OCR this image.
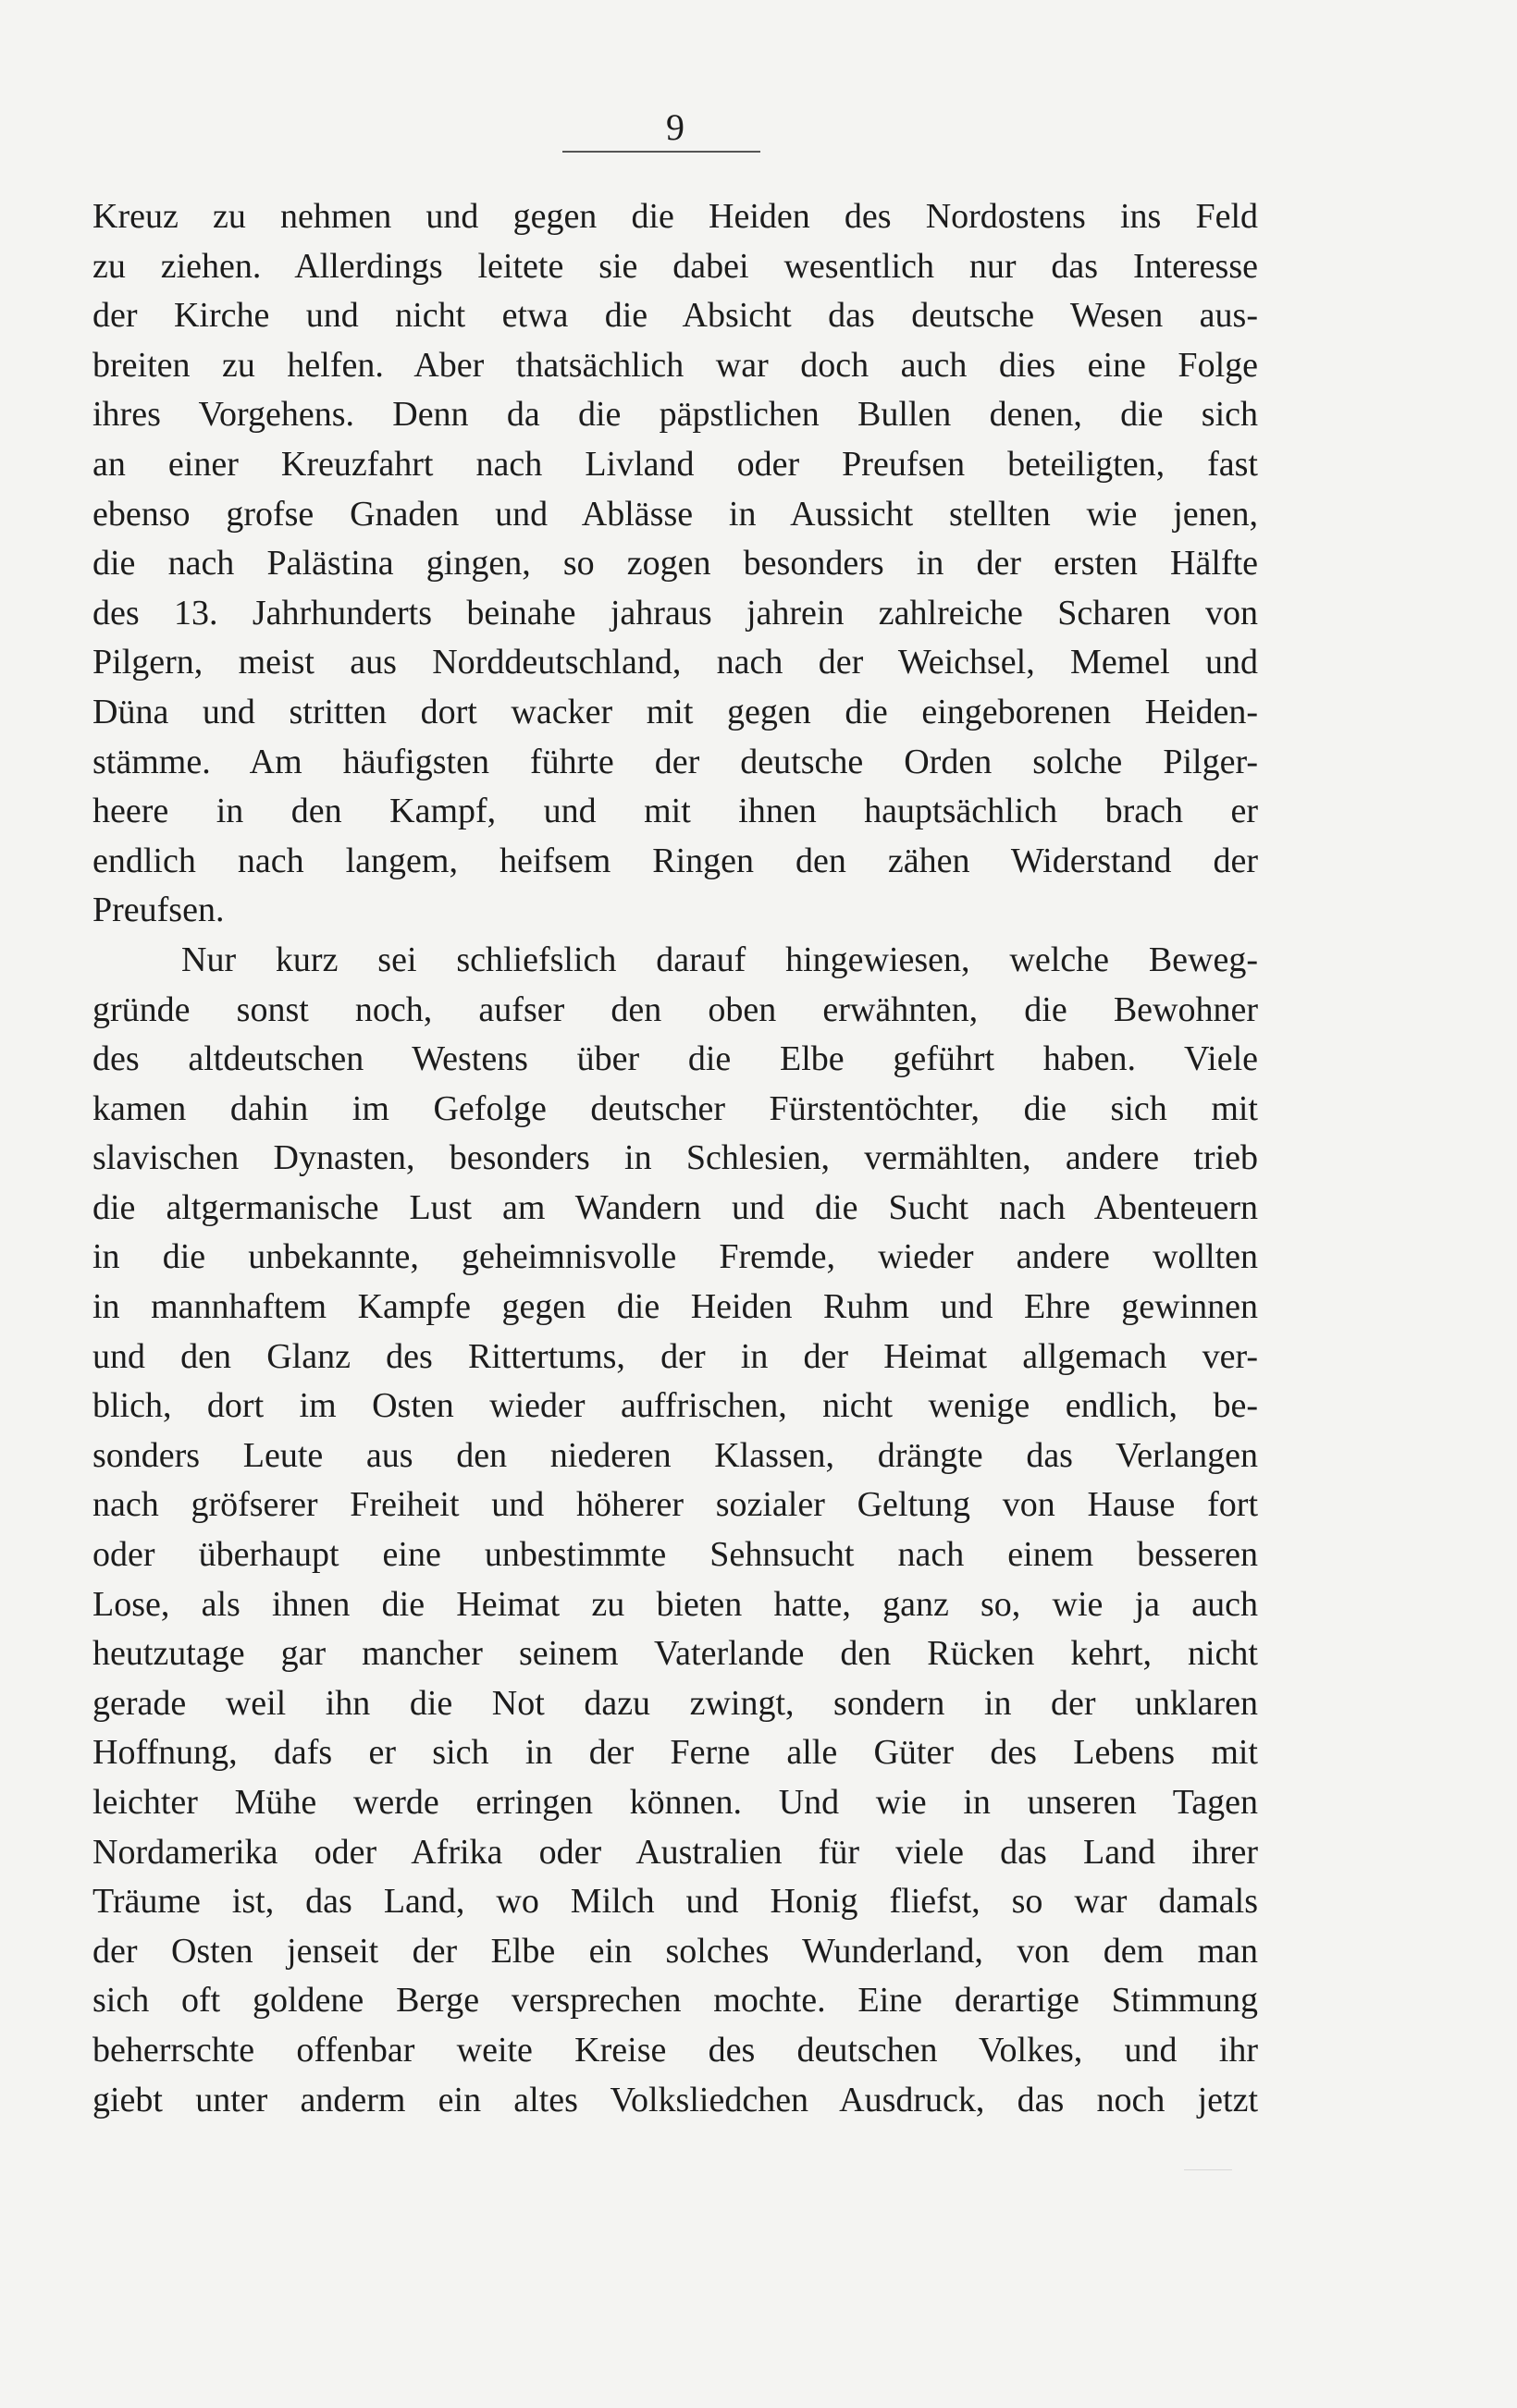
9
Kreuz zu nehmen und gegen die Heiden des Nordostens ins Feld
zu ziehen. Allerdings leitete sie dabei wesentlich nur das Interesse
der Kirche und nicht etwa die Absicht das deutsche Wesen aus-
breiten zu helfen. Aber thatsächlich war doch auch dies eine Folge
ihres Vorgehens. Denn da die päpstlichen Bullen denen, die sich
an einer Kreuzfahrt nach Livland oder Preufsen beteiligten, fast
ebenso grofse Gnaden und Ablässe in Aussicht stellten wie jenen,
die nach Palästina gingen, so zogen besonders in der ersten Hälfte
des 13. Jahrhunderts beinahe jahraus jahrein zahlreiche Scharen von
Pilgern, meist aus Norddeutschland, nach der Weichsel, Memel und
Düna und stritten dort wacker mit gegen die eingeborenen Heiden-
stämme. Am häufigsten führte der deutsche Orden solche Pilger-
heere in den Kampf, und mit ihnen hauptsächlich brach er
endlich nach langem, heifsem Ringen den zähen Widerstand der
Preufsen.
Nur kurz sei schliefslich darauf hingewiesen, welche Beweg-
gründe sonst noch, aufser den oben erwähnten, die Bewohner
des altdeutschen Westens über die Elbe geführt haben. Viele
kamen dahin im Gefolge deutscher Fürstentöchter, die sich mit
slavischen Dynasten, besonders in Schlesien, vermählten, andere trieb
die altgermanische Lust am Wandern und die Sucht nach Abenteuern
in die unbekannte, geheimnisvolle Fremde, wieder andere wollten
in mannhaftem Kampfe gegen die Heiden Ruhm und Ehre gewinnen
und den Glanz des Rittertums, der in der Heimat allgemach ver-
blich, dort im Osten wieder auffrischen, nicht wenige endlich, be-
sonders Leute aus den niederen Klassen, drängte das Verlangen
nach gröfserer Freiheit und höherer sozialer Geltung von Hause fort
oder überhaupt eine unbestimmte Sehnsucht nach einem besseren
Lose, als ihnen die Heimat zu bieten hatte, ganz so, wie ja auch
heutzutage gar mancher seinem Vaterlande den Rücken kehrt, nicht
gerade weil ihn die Not dazu zwingt, sondern in der unklaren
Hoffnung, dafs er sich in der Ferne alle Güter des Lebens mit
leichter Mühe werde erringen können. Und wie in unseren Tagen
Nordamerika oder Afrika oder Australien für viele das Land ihrer
Träume ist, das Land, wo Milch und Honig fliefst, so war damals
der Osten jenseit der Elbe ein solches Wunderland, von dem man
sich oft goldene Berge versprechen mochte. Eine derartige Stimmung
beherrschte offenbar weite Kreise des deutschen Volkes, und ihr
giebt unter anderm ein altes Volksliedchen Ausdruck, das noch jetzt
